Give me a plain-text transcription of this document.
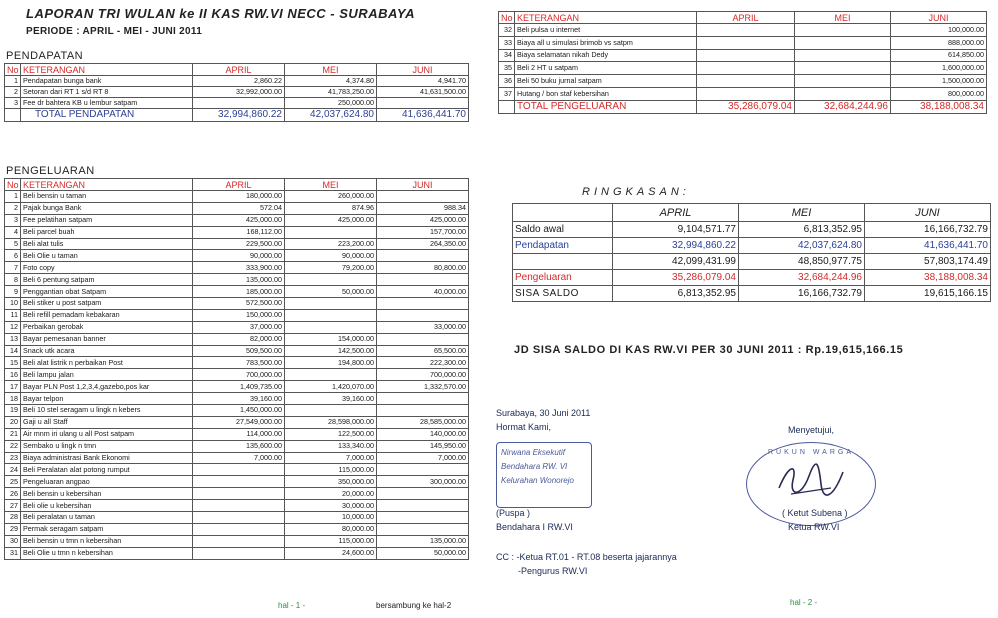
LAPORAN TRI WULAN ke II KAS RW.VI NECC - SURABAYA
PERIODE : APRIL - MEI - JUNI 2011
PENDAPATAN
No	KETERANGAN	APRIL	MEI	JUNI
1	Pendapatan bunga bank	2,860.22	4,374.80	4,941.70
2	Setoran dari RT 1 s/d RT 8	32,992,000.00	41,783,250.00	41,631,500.00
3	Fee dr bahtera KB u lembur satpam		250,000.00	
	TOTAL PENDAPATAN	32,994,860.22	42,037,624.80	41,636,441.70
PENGELUARAN
No	KETERANGAN	APRIL	MEI	JUNI
1	Beli bensin u taman	180,000.00	260,000.00	
2	Pajak bunga Bank	572.04	874.96	988.34
3	Fee pelatihan satpam	425,000.00	425,000.00	425,000.00
4	Beli parcel buah	168,112.00		157,700.00
5	Beli alat tulis	229,500.00	223,200.00	264,350.00
6	Beli Olie u taman	90,000.00	90,000.00	
7	Foto copy	333,900.00	79,200.00	80,800.00
8	Beli 6 pentung satpam	135,000.00		
9	Penggantian obat Satpam	185,000.00	50,000.00	40,000.00
10	Beli stiker u post satpam	572,500.00		
11	Beli refill pemadam kebakaran	150,000.00		
12	Perbaikan gerobak	37,000.00		33,000.00
13	Bayar pemesanan banner	82,000.00	154,000.00	
14	Snack utk acara	509,500.00	142,500.00	65,500.00
15	Beli alat listrik n perbaikan Post	783,500.00	194,800.00	222,300.00
16	Beli lampu jalan	700,000.00		700,000.00
17	Bayar PLN Post 1,2,3,4,gazebo,pos kar	1,409,735.00	1,420,070.00	1,332,570.00
18	Bayar telpon	39,160.00	39,160.00	
19	Beli 10 stel seragam u lingk n kebers	1,450,000.00		
20	Gaji u all Staff	27,549,000.00	28,598,000.00	28,585,000.00
21	Air mnm iri ulang u all Post satpam	114,000.00	122,500.00	140,000.00
22	Sembako u lingk n tmn	135,600.00	133,340.00	145,950.00
23	Biaya administrasi Bank Ekonomi	7,000.00	7,000.00	7,000.00
24	Beli Peralatan alat potong rumput		115,000.00	
25	Pengeluaran angpao		350,000.00	300,000.00
26	Beli bensin u kebersihan		20,000.00	
27	Beli olie u kebersihan		30,000.00	
28	Beli peralatan u taman		10,000.00	
29	Permak seragam satpam		80,000.00	
30	Beli bensin u tmn n kebersihan		115,000.00	135,000.00
31	Beli Olie u tmn n kebersihan		24,600.00	50,000.00
hal - 1 -	bersambung ke hal-2
No	KETERANGAN	APRIL	MEI	JUNI
32	Beli pulsa u internet			100,000.00
33	Biaya all u simulasi brimob vs satpm			888,000.00
34	Biaya selamatan nikah Dedy			614,850.00
35	Beli 2 HT u satpam			1,600,000.00
36	Beli 50 buku jurnal satpam			1,500,000.00
37	Hutang / bon staf kebersihan			800,000.00
	TOTAL PENGELUARAN	35,286,079.04	32,684,244.96	38,188,008.34
RINGKASAN:
	APRIL	MEI	JUNI
Saldo awal	9,104,571.77	6,813,352.95	16,166,732.79
Pendapatan	32,994,860.22	42,037,624.80	41,636,441.70
	42,099,431.99	48,850,977.75	57,803,174.49
Pengeluaran	35,286,079.04	32,684,244.96	38,188,008.34
SISA SALDO	6,813,352.95	16,166,732.79	19,615,166.15
JD SISA SALDO DI KAS RW.VI PER 30 JUNI 2011 : Rp.19,615,166.15
Surabaya, 30 Juni 2011
Hormat Kami,	Menyetujui,
Nirwana Eksekutif
Bendahara RW. VI
Kelurahan Wonorejo
RUKUN WARGA
(Puspa )
Bendahara I RW.VI
( Ketut Subena )
Ketua RW.VI
CC : -Ketua RT.01 - RT.08 beserta jajarannya
-Pengurus RW.VI
hal - 2 -
